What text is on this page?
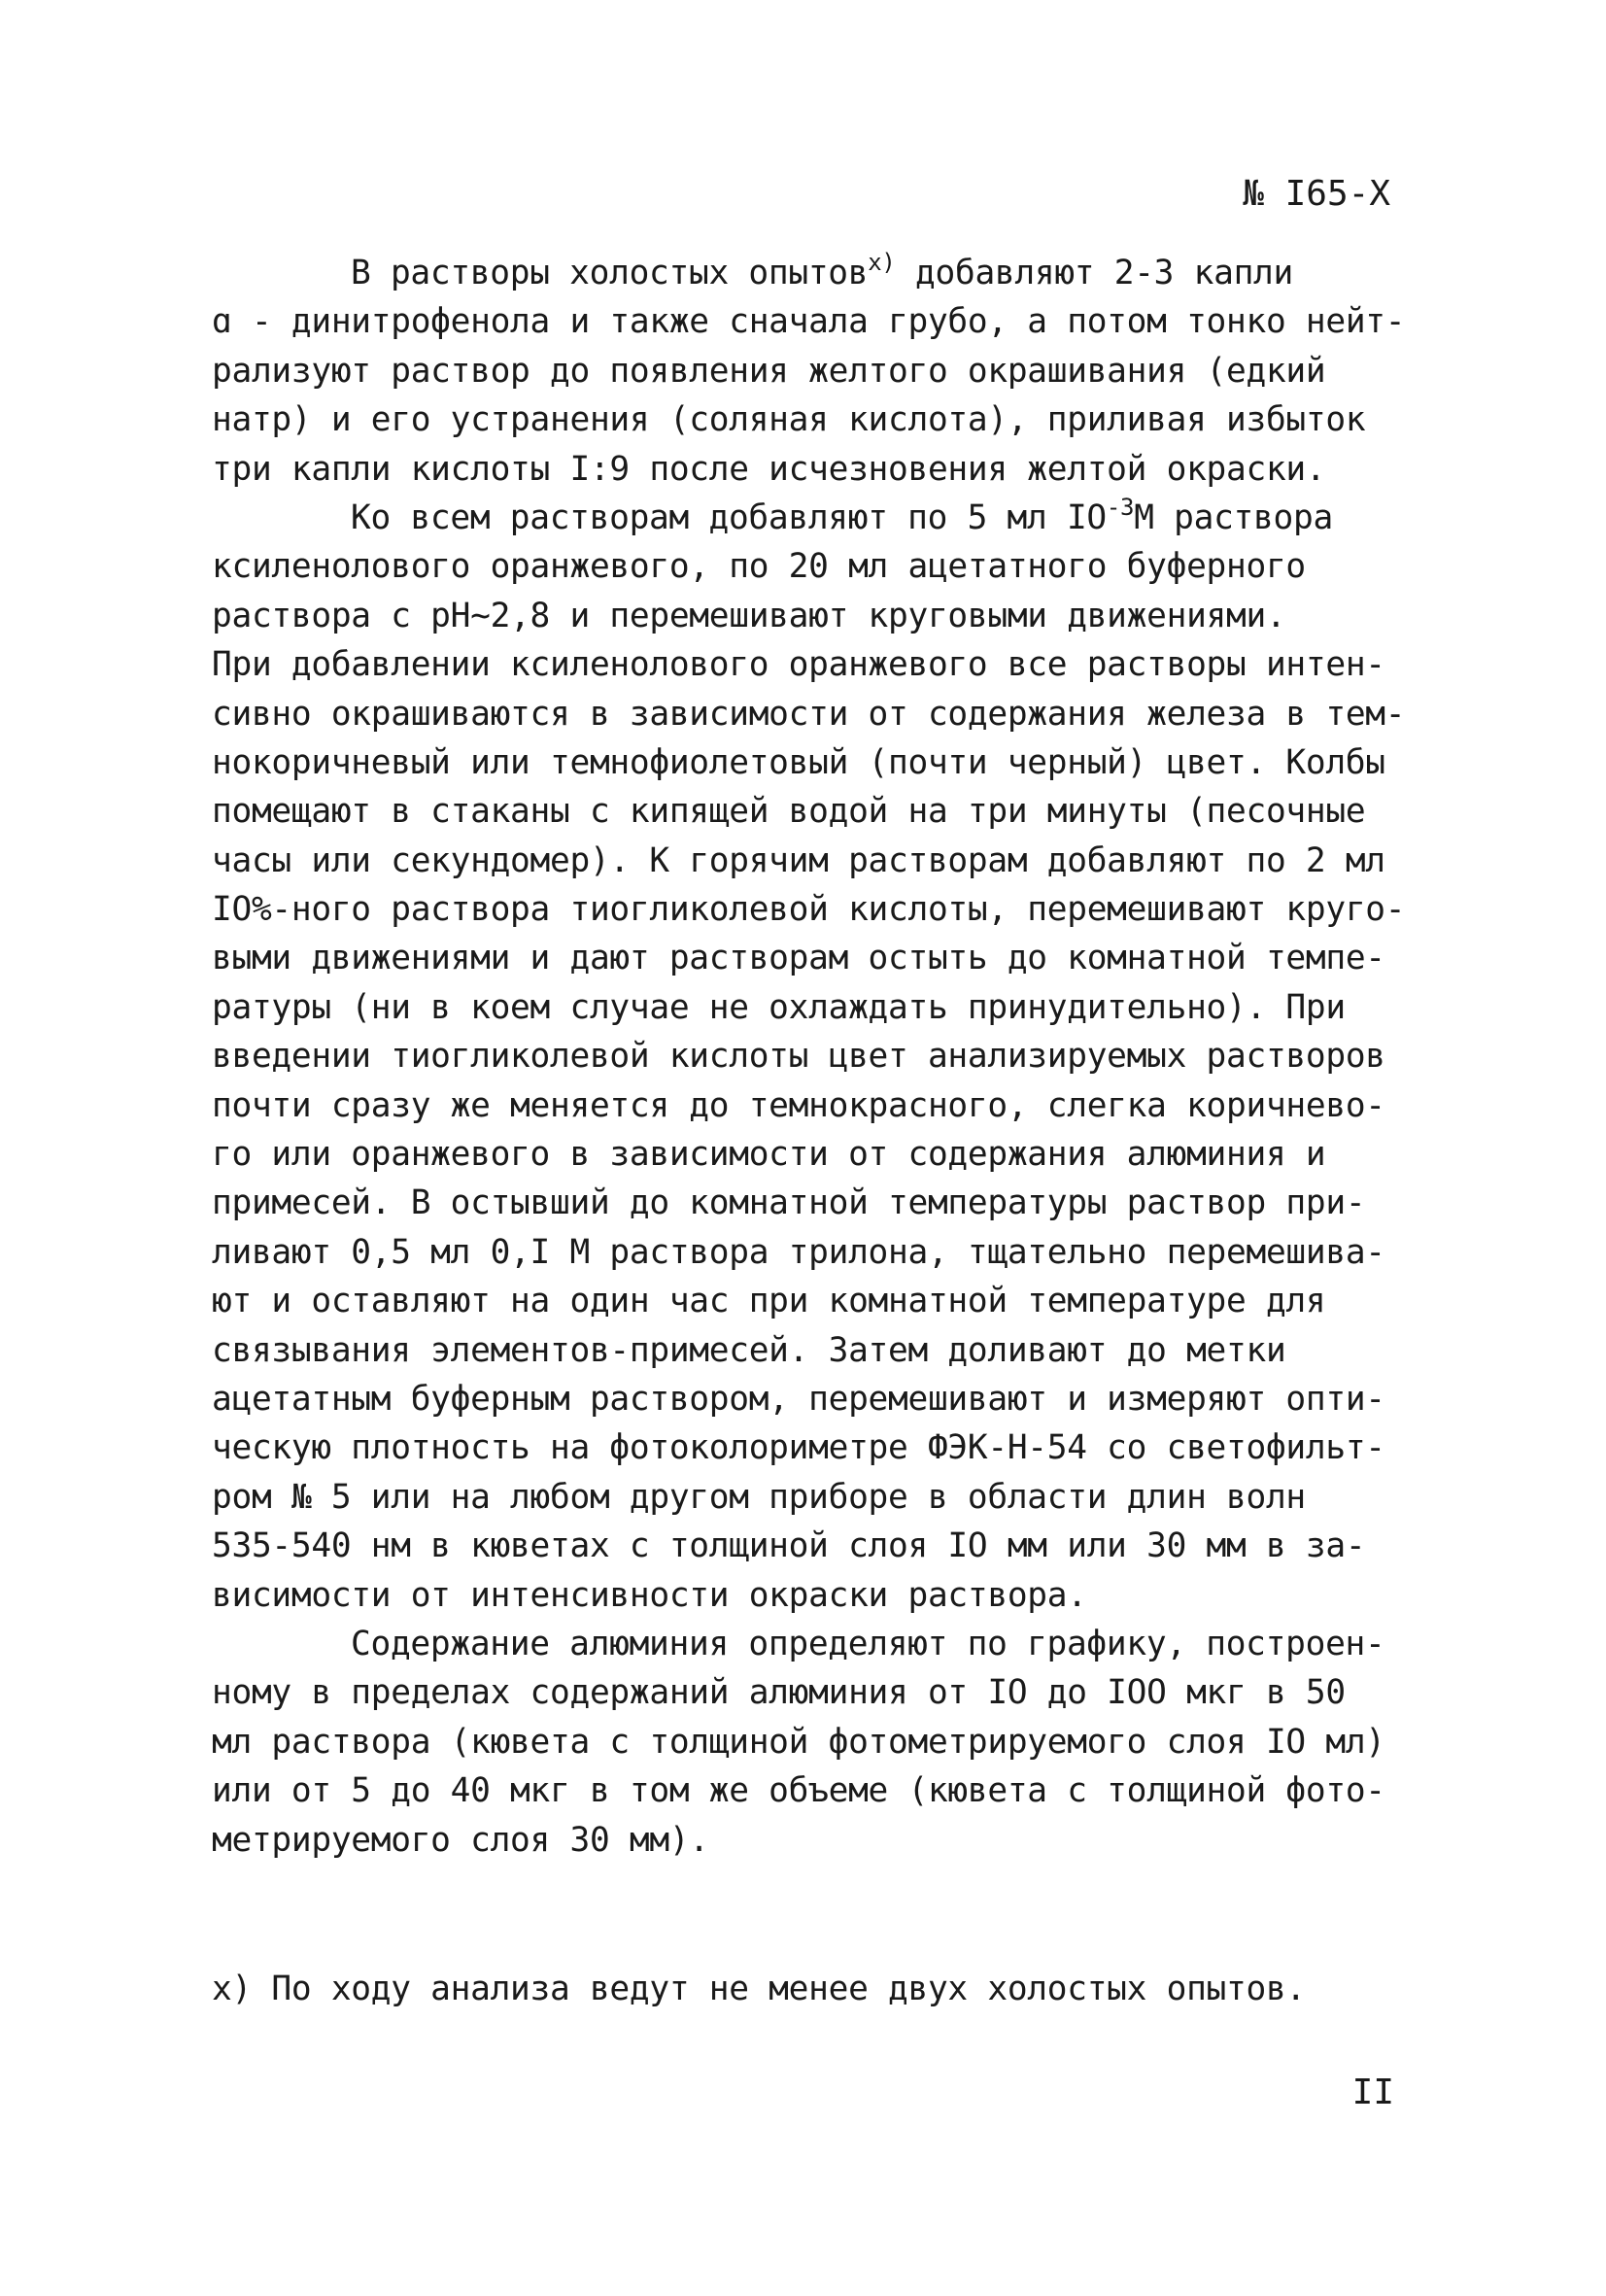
№ I65-X
В растворы холостых опытов$^{x)}$ добавляют 2-3 капли
ɑ - динитрофенола и также сначала грубо, а потом тонко нейт-
рализуют раствор до появления желтого окрашивания (едкий
натр) и его устранения (соляная кислота), приливая избыток
три капли кислоты I:9 после исчезновения желтой окраски.
Ко всем растворам добавляют по 5 мл $IO^{-3}M$ раствора
ксиленолового оранжевого, по 20 мл ацетатного буферного
раствора с pH~2,8 и перемешивают круговыми движениями.
При добавлении ксиленолового оранжевого все растворы интен-
сивно окрашиваются в зависимости от содержания железа в тем-
нокоричневый или темнофиолетовый (почти черный) цвет. Колбы
помещают в стаканы с кипящей водой на три минуты (песочные
часы или секундомер). К горячим растворам добавляют по 2 мл
IO%-ного раствора тиогликолевой кислоты, перемешивают круго-
выми движениями и дают растворам остыть до комнатной темпе-
ратуры (ни в коем случае не охлаждать принудительно). При
введении тиогликолевой кислоты цвет анализируемых растворов
почти сразу же меняется до темнокрасного, слегка коричнево-
го или оранжевого в зависимости от содержания алюминия и
примесей. В остывший до комнатной температуры раствор при-
ливают 0,5 мл 0,I M раствора трилона, тщательно перемешива-
ют и оставляют на один час при комнатной температуре для
связывания элементов-примесей. Затем доливают до метки
ацетатным буферным раствором, перемешивают и измеряют опти-
ческую плотность на фотоколориметре ФЭК-Н-54 со светофильт-
ром № 5 или на любом другом приборе в области длин волн
535-540 нм в кюветах с толщиной слоя IO мм или 30 мм в за-
висимости от интенсивности окраски раствора.
Содержание алюминия определяют по графику, построен-
ному в пределах содержаний алюминия от IO до IOO мкг в 50
мл раствора (кювета с толщиной фотометрируемого слоя IO мл)
или от 5 до 40 мкг в том же объеме (кювета с толщиной фото-
метрируемого слоя 30 мм).
x) По ходу анализа ведут не менее двух холостых опытов.
II
